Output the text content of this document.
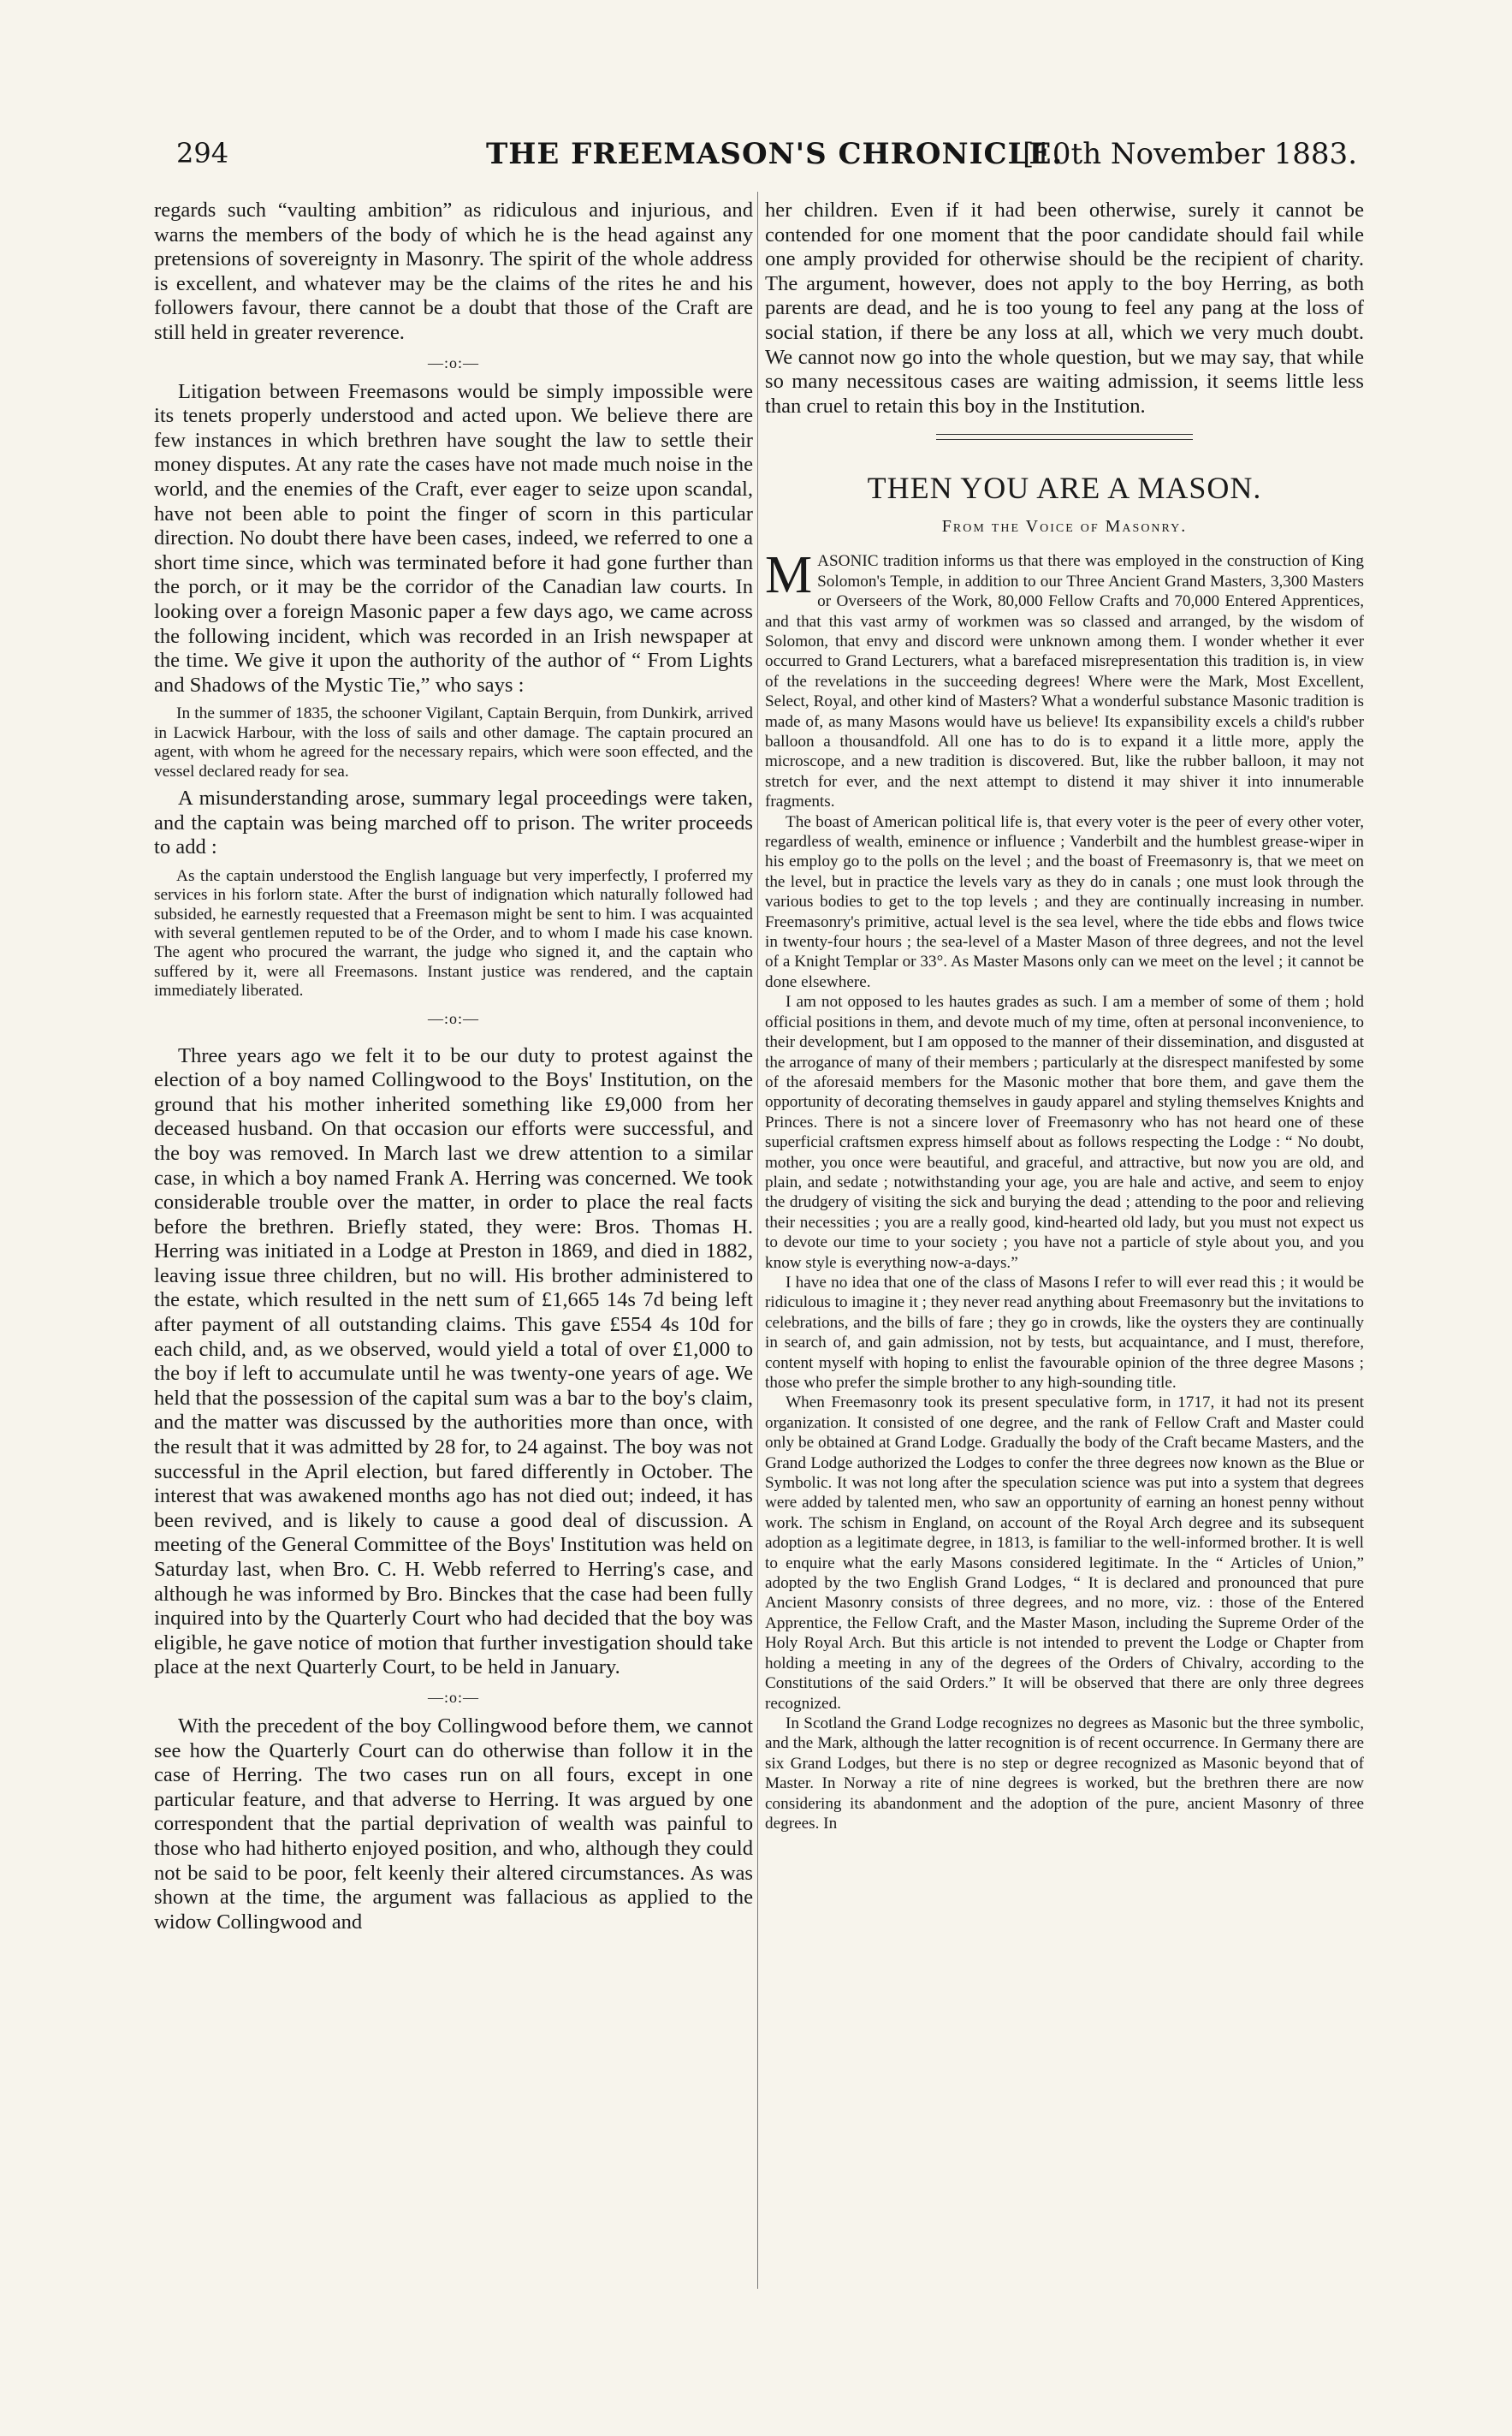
294	THE FREEMASON'S CHRONICLE.
[10th November 1883.

regards such “vaulting ambition” as ridiculous and injurious, and warns the members of the body of which he is the head against any pretensions of sovereignty in Masonry. The spirit of the whole address is excellent, and whatever may be the claims of the rites he and his followers favour, there cannot be a doubt that those of the Craft are still held in greater reverence.

—:o:—

Litigation between Freemasons would be simply impossible were its tenets properly understood and acted upon. We believe there are few instances in which brethren have sought the law to settle their money disputes. At any rate the cases have not made much noise in the world, and the enemies of the Craft, ever eager to seize upon scandal, have not been able to point the finger of scorn in this particular direction. No doubt there have been cases, indeed, we referred to one a short time since, which was terminated before it had gone further than the porch, or it may be the corridor of the Canadian law courts. In looking over a foreign Masonic paper a few days ago, we came across the following incident, which was recorded in an Irish newspaper at the time. We give it upon the authority of the author of “ From Lights and Shadows of the Mystic Tie,” who says :

In the summer of 1835, the schooner Vigilant, Captain Berquin, from Dunkirk, arrived in Lacwick Harbour, with the loss of sails and other damage. The captain procured an agent, with whom he agreed for the necessary repairs, which were soon effected, and the vessel declared ready for sea.

A misunderstanding arose, summary legal proceedings were taken, and the captain was being marched off to prison. The writer proceeds to add :

As the captain understood the English language but very imperfectly, I proferred my services in his forlorn state. After the burst of indignation which naturally followed had subsided, he earnestly requested that a Freemason might be sent to him. I was acquainted with several gentlemen reputed to be of the Order, and to whom I made his case known. The agent who procured the warrant, the judge who signed it, and the captain who suffered by it, were all Freemasons. Instant justice was rendered, and the captain immediately liberated.

—:o:—

Three years ago we felt it to be our duty to protest against the election of a boy named Collingwood to the Boys' Institution, on the ground that his mother inherited something like £9,000 from her deceased husband. On that occasion our efforts were successful, and the boy was removed. In March last we drew attention to a similar case, in which a boy named Frank A. Herring was concerned. We took considerable trouble over the matter, in order to place the real facts before the brethren. Briefly stated, they were: Bros. Thomas H. Herring was initiated in a Lodge at Preston in 1869, and died in 1882, leaving issue three children, but no will. His brother administered to the estate, which resulted in the nett sum of £1,665 14s 7d being left after payment of all outstanding claims. This gave £554 4s 10d for each child, and, as we observed, would yield a total of over £1,000 to the boy if left to accumulate until he was twenty-one years of age. We held that the possession of the capital sum was a bar to the boy's claim, and the matter was discussed by the authorities more than once, with the result that it was admitted by 28 for, to 24 against. The boy was not successful in the April election, but fared differently in October. The interest that was awakened months ago has not died out; indeed, it has been revived, and is likely to cause a good deal of discussion. A meeting of the General Committee of the Boys' Institution was held on Saturday last, when Bro. C. H. Webb referred to Herring's case, and although he was informed by Bro. Binckes that the case had been fully inquired into by the Quarterly Court who had decided that the boy was eligible, he gave notice of motion that further investigation should take place at the next Quarterly Court, to be held in January.

—:o:—

With the precedent of the boy Collingwood before them, we cannot see how the Quarterly Court can do otherwise than follow it in the case of Herring. The two cases run on all fours, except in one particular feature, and that adverse to Herring. It was argued by one correspondent that the partial deprivation of wealth was painful to those who had hitherto enjoyed position, and who, although they could not be said to be poor, felt keenly their altered circumstances. As was shown at the time, the argument was fallacious as applied to the widow Collingwood and

her children. Even if it had been otherwise, surely it cannot be contended for one moment that the poor candidate should fail while one amply provided for otherwise should be the recipient of charity. The argument, however, does not apply to the boy Herring, as both parents are dead, and he is too young to feel any pang at the loss of social station, if there be any loss at all, which we very much doubt. We cannot now go into the whole question, but we may say, that while so many necessitous cases are waiting admission, it seems little less than cruel to retain this boy in the Institution.

THEN YOU ARE A MASON.
From the Voice of Masonry.

MASONIC tradition informs us that there was employed in the construction of King Solomon's Temple, in addition to our Three Ancient Grand Masters, 3,300 Masters or Overseers of the Work, 80,000 Fellow Crafts and 70,000 Entered Apprentices, and that this vast army of workmen was so classed and arranged, by the wisdom of Solomon, that envy and discord were unknown among them. I wonder whether it ever occurred to Grand Lecturers, what a barefaced misrepresentation this tradition is, in view of the revelations in the succeeding degrees! Where were the Mark, Most Excellent, Select, Royal, and other kind of Masters? What a wonderful substance Masonic tradition is made of, as many Masons would have us believe! Its expansibility excels a child's rubber balloon a thousandfold. All one has to do is to expand it a little more, apply the microscope, and a new tradition is discovered. But, like the rubber balloon, it may not stretch for ever, and the next attempt to distend it may shiver it into innumerable fragments.

The boast of American political life is, that every voter is the peer of every other voter, regardless of wealth, eminence or influence ; Vanderbilt and the humblest grease-wiper in his employ go to the polls on the level ; and the boast of Freemasonry is, that we meet on the level, but in practice the levels vary as they do in canals ; one must look through the various bodies to get to the top levels ; and they are continually increasing in number. Freemasonry's primitive, actual level is the sea level, where the tide ebbs and flows twice in twenty-four hours ; the sea-level of a Master Mason of three degrees, and not the level of a Knight Templar or 33°. As Master Masons only can we meet on the level ; it cannot be done elsewhere.

I am not opposed to les hautes grades as such. I am a member of some of them ; hold official positions in them, and devote much of my time, often at personal inconvenience, to their development, but I am opposed to the manner of their dissemination, and disgusted at the arrogance of many of their members ; particularly at the disrespect manifested by some of the aforesaid members for the Masonic mother that bore them, and gave them the opportunity of decorating themselves in gaudy apparel and styling themselves Knights and Princes. There is not a sincere lover of Freemasonry who has not heard one of these superficial craftsmen express himself about as follows respecting the Lodge : “ No doubt, mother, you once were beautiful, and graceful, and attractive, but now you are old, and plain, and sedate ; notwithstanding your age, you are hale and active, and seem to enjoy the drudgery of visiting the sick and burying the dead ; attending to the poor and relieving their necessities ; you are a really good, kind-hearted old lady, but you must not expect us to devote our time to your society ; you have not a particle of style about you, and you know style is everything now-a-days.”

I have no idea that one of the class of Masons I refer to will ever read this ; it would be ridiculous to imagine it ; they never read anything about Freemasonry but the invitations to celebrations, and the bills of fare ; they go in crowds, like the oysters they are continually in search of, and gain admission, not by tests, but acquaintance, and I must, therefore, content myself with hoping to enlist the favourable opinion of the three degree Masons ; those who prefer the simple brother to any high-sounding title.

When Freemasonry took its present speculative form, in 1717, it had not its present organization. It consisted of one degree, and the rank of Fellow Craft and Master could only be obtained at Grand Lodge. Gradually the body of the Craft became Masters, and the Grand Lodge authorized the Lodges to confer the three degrees now known as the Blue or Symbolic. It was not long after the speculation science was put into a system that degrees were added by talented men, who saw an opportunity of earning an honest penny without work. The schism in England, on account of the Royal Arch degree and its subsequent adoption as a legitimate degree, in 1813, is familiar to the well-informed brother. It is well to enquire what the early Masons considered legitimate. In the “ Articles of Union,” adopted by the two English Grand Lodges, “ It is declared and pronounced that pure Ancient Masonry consists of three degrees, and no more, viz. : those of the Entered Apprentice, the Fellow Craft, and the Master Mason, including the Supreme Order of the Holy Royal Arch. But this article is not intended to prevent the Lodge or Chapter from holding a meeting in any of the degrees of the Orders of Chivalry, according to the Constitutions of the said Orders.” It will be observed that there are only three degrees recognized.

In Scotland the Grand Lodge recognizes no degrees as Masonic but the three symbolic, and the Mark, although the latter recognition is of recent occurrence. In Germany there are six Grand Lodges, but there is no step or degree recognized as Masonic beyond that of Master. In Norway a rite of nine degrees is worked, but the brethren there are now considering its abandonment and the adoption of the pure, ancient Masonry of three degrees. In
